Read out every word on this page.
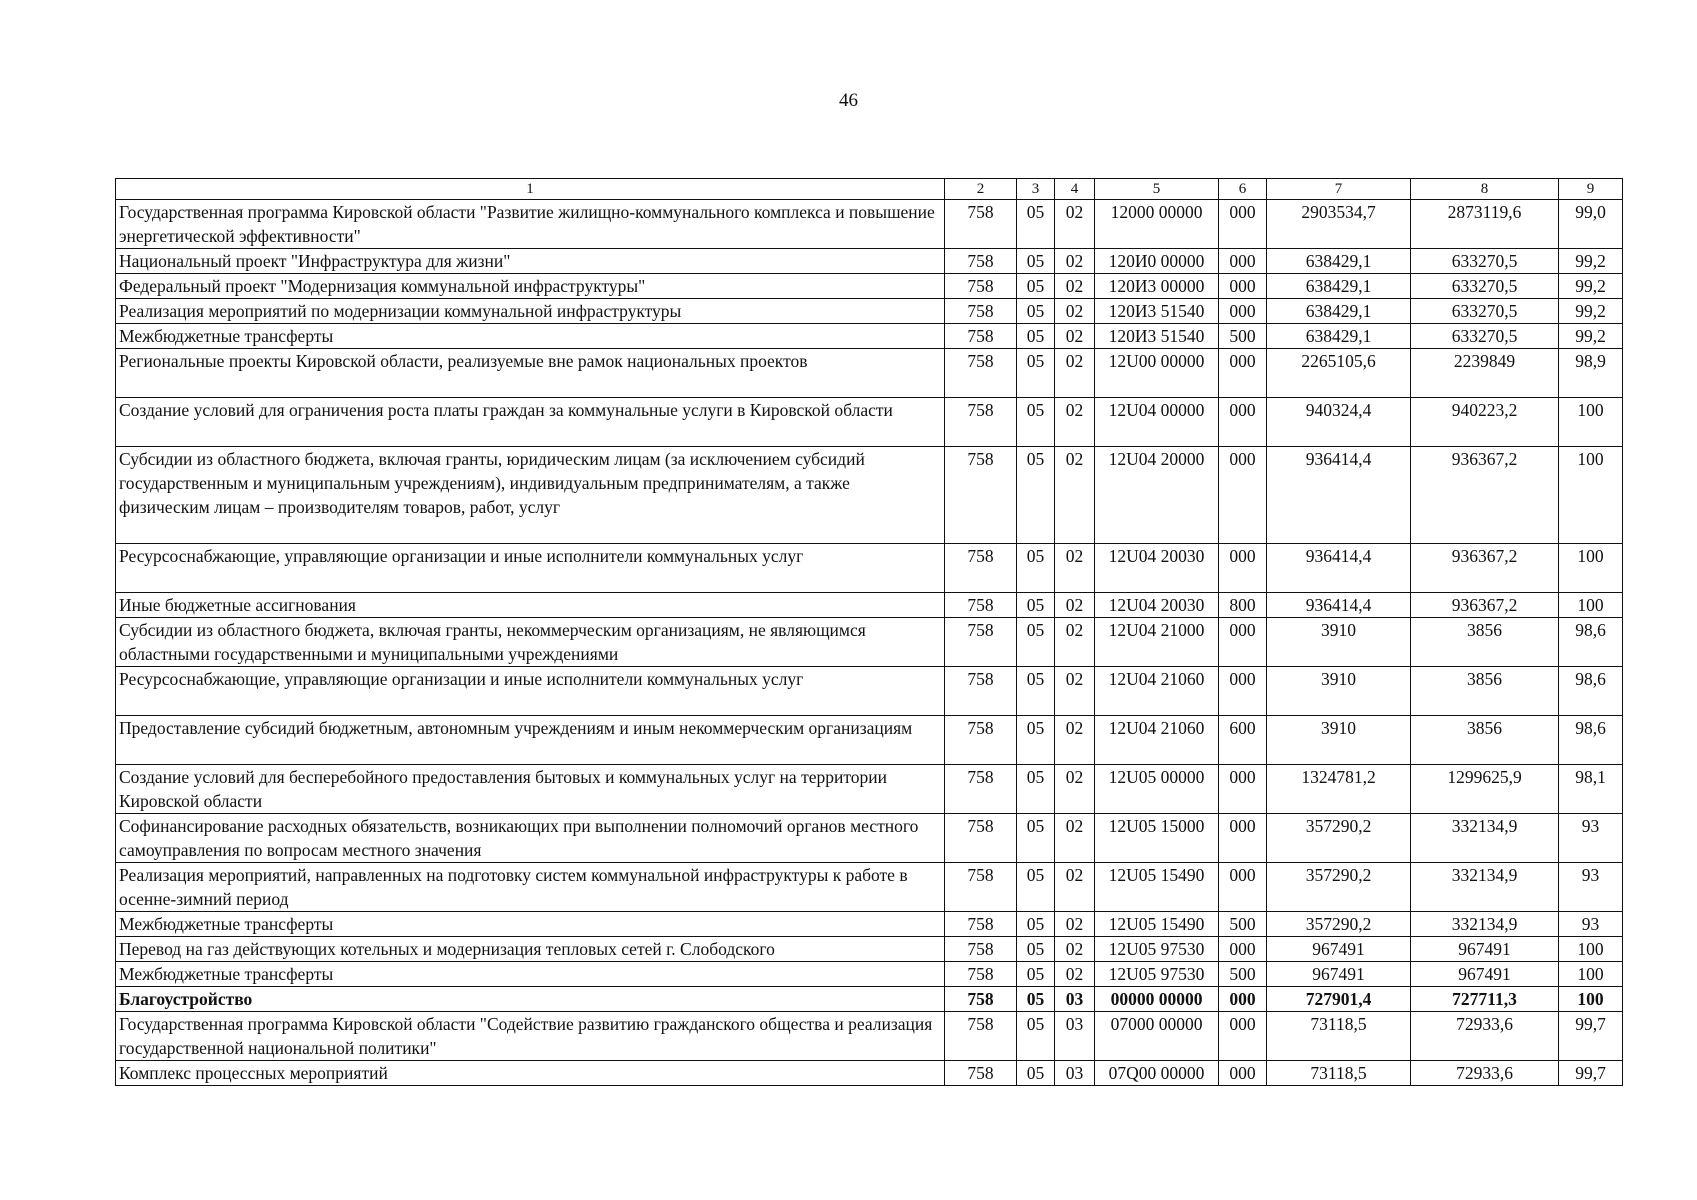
46
1	2	3	4	5	6	7	8	9
Государственная программа Кировской области "Развитие жилищно-коммунального комплекса и повышение энергетической эффективности"	758	05	02	12000 00000	000	2903534,7	2873119,6	99,0
Национальный проект "Инфраструктура для жизни"	758	05	02	120И0 00000	000	638429,1	633270,5	99,2
Федеральный проект "Модернизация коммунальной инфраструктуры"	758	05	02	120И3 00000	000	638429,1	633270,5	99,2
Реализация мероприятий по модернизации коммунальной инфраструктуры	758	05	02	120И3 51540	000	638429,1	633270,5	99,2
Межбюджетные трансферты	758	05	02	120И3 51540	500	638429,1	633270,5	99,2
Региональные проекты Кировской области, реализуемые вне рамок национальных проектов	758	05	02	12U00 00000	000	2265105,6	2239849	98,9
Создание условий для ограничения роста платы граждан за коммунальные услуги в Кировской области	758	05	02	12U04 00000	000	940324,4	940223,2	100
Субсидии из областного бюджета, включая гранты, юридическим лицам (за исключением субсидий государственным и муниципальным учреждениям), индивидуальным предпринимателям, а также физическим лицам – производителям товаров, работ, услуг	758	05	02	12U04 20000	000	936414,4	936367,2	100
Ресурсоснабжающие, управляющие организации и иные исполнители коммунальных услуг	758	05	02	12U04 20030	000	936414,4	936367,2	100
Иные бюджетные ассигнования	758	05	02	12U04 20030	800	936414,4	936367,2	100
Субсидии из областного бюджета, включая гранты, некоммерческим организациям, не являющимся областными государственными и муниципальными учреждениями	758	05	02	12U04 21000	000	3910	3856	98,6
Ресурсоснабжающие, управляющие организации и иные исполнители коммунальных услуг	758	05	02	12U04 21060	000	3910	3856	98,6
Предоставление субсидий бюджетным, автономным учреждениям и иным некоммерческим организациям	758	05	02	12U04 21060	600	3910	3856	98,6
Создание условий для бесперебойного предоставления бытовых и коммунальных услуг на территории Кировской области	758	05	02	12U05 00000	000	1324781,2	1299625,9	98,1
Софинансирование расходных обязательств, возникающих при выполнении полномочий органов местного самоуправления по вопросам местного значения	758	05	02	12U05 15000	000	357290,2	332134,9	93
Реализация мероприятий, направленных на подготовку систем коммунальной инфраструктуры к работе в осенне-зимний период	758	05	02	12U05 15490	000	357290,2	332134,9	93
Межбюджетные трансферты	758	05	02	12U05 15490	500	357290,2	332134,9	93
Перевод на газ действующих котельных и модернизация тепловых сетей г. Слободского	758	05	02	12U05 97530	000	967491	967491	100
Межбюджетные трансферты	758	05	02	12U05 97530	500	967491	967491	100
Благоустройство	758	05	03	00000 00000	000	727901,4	727711,3	100
Государственная программа Кировской области "Содействие развитию гражданского общества и реализация государственной национальной политики"	758	05	03	07000 00000	000	73118,5	72933,6	99,7
Комплекс процессных мероприятий	758	05	03	07Q00 00000	000	73118,5	72933,6	99,7
